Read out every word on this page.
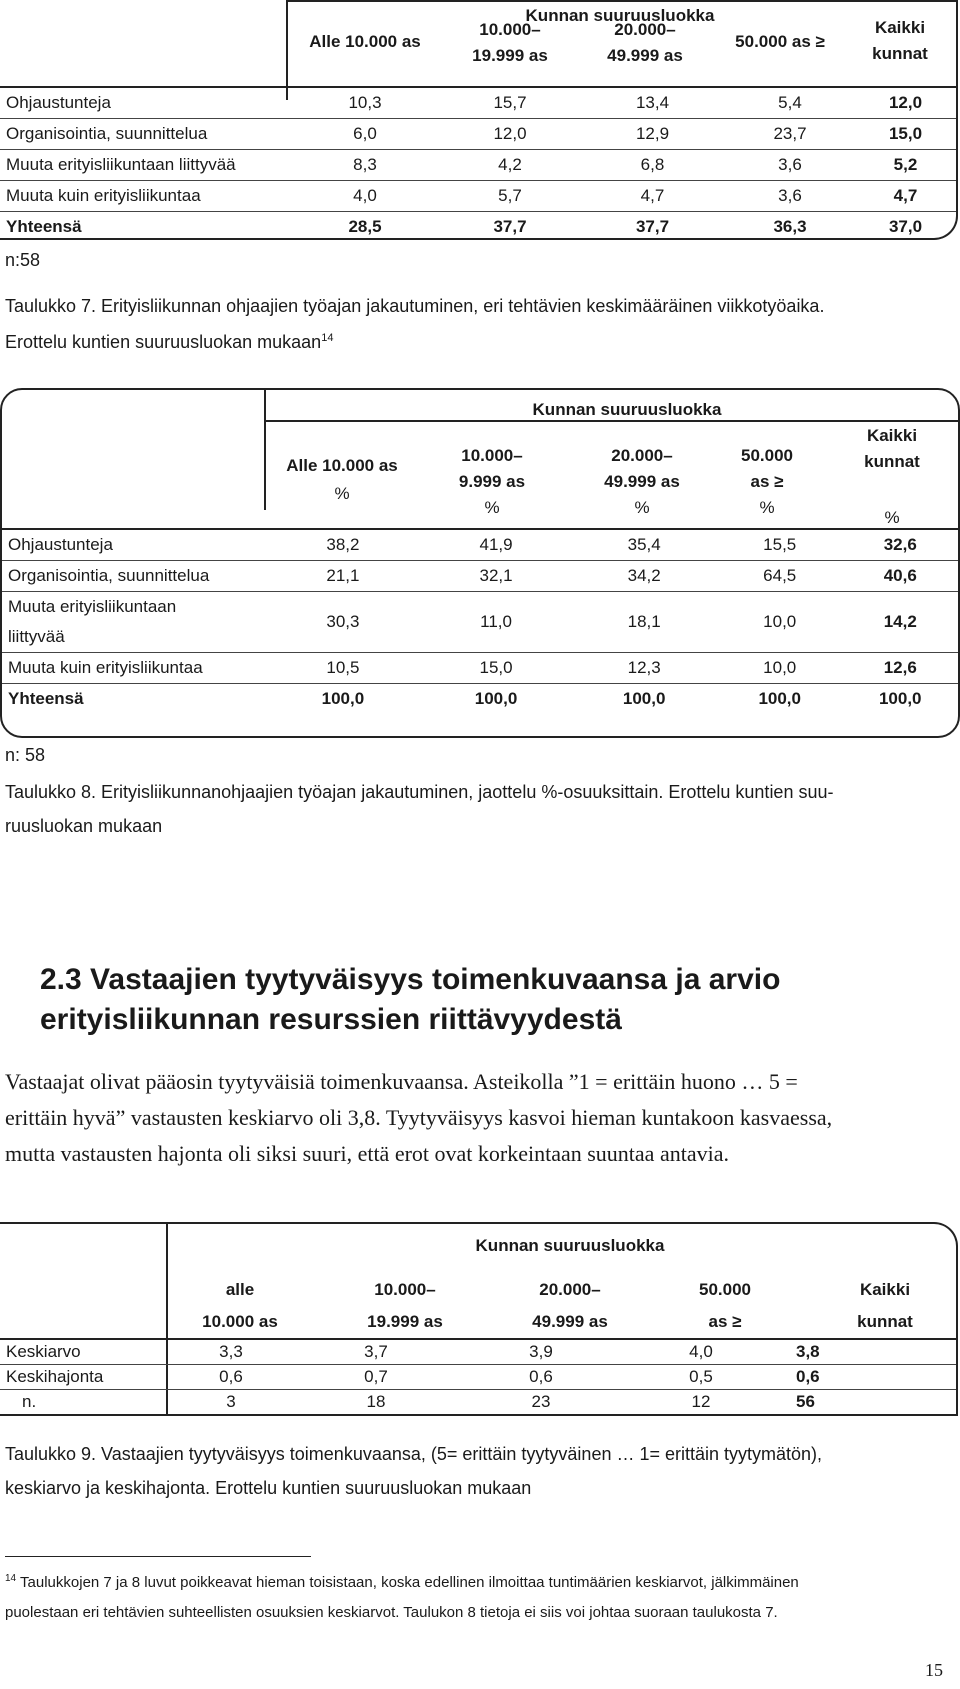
Kunnan suuruusluokka
Alle 10.000 as
10.000–
19.999 as
20.000–
49.999 as
50.000 as ≥
Kaikki
kunnat
Ohjaustunteja	10,3	15,7	13,4	5,4	12,0
Organisointia, suunnittelua	6,0	12,0	12,9	23,7	15,0
Muuta erityisliikuntaan liittyvää	8,3	4,2	6,8	3,6	5,2
Muuta kuin erityisliikuntaa	4,0	5,7	4,7	3,6	4,7
Yhteensä	28,5	37,7	37,7	36,3	37,0
n:58
Taulukko 7. Erityisliikunnan ohjaajien työajan jakautuminen, eri tehtävien keskimääräinen viikkotyöaika.
Erottelu kuntien suuruusluokan mukaan$^{14}$
Kunnan suuruusluokka
Alle 10.000 as
%
10.000–
9.999 as
%
20.000–
49.999 as
%
50.000
as ≥
%
Kaikki
kunnat
%
Ohjaustunteja	38,2	41,9	35,4	15,5	32,6
Organisointia, suunnittelua	21,1	32,1	34,2	64,5	40,6

Muuta erityisliikuntaan
liittyvää	30,3	11,0	18,1	10,0	14,2
Muuta kuin erityisliikuntaa	10,5	15,0	12,3	10,0	12,6
Yhteensä	100,0	100,0	100,0	100,0	100,0
n: 58
Taulukko 8. Erityisliikunnanohjaajien työajan jakautuminen, jaottelu %-osuuksittain. Erottelu kuntien suu-
ruusluokan mukaan
2.3 Vastaajien tyytyväisyys toimenkuvaansa ja arvio
erityisliikunnan resurssien riittävyydestä
Vastaajat olivat pääosin tyytyväisiä toimenkuvaansa. Asteikolla ”1 = erittäin huono … 5 =
erittäin hyvä” vastausten keskiarvo oli 3,8. Tyytyväisyys kasvoi hieman kuntakoon kasvaessa,
mutta vastausten hajonta oli siksi suuri, että erot ovat korkeintaan suuntaa antavia.
Kunnan suuruusluokka
alle
10.000 as
10.000–
19.999 as
20.000–
49.999 as
50.000
as ≥
Kaikki
kunnat
Keskiarvo	3,3	3,7	3,9	4,0	3,8
Keskihajonta	0,6	0,7	0,6	0,5	0,6
n.	3	18	23	12	56
Taulukko 9. Vastaajien tyytyväisyys toimenkuvaansa, (5= erittäin tyytyväinen … 1= erittäin tyytymätön),
keskiarvo ja keskihajonta. Erottelu kuntien suuruusluokan mukaan
$^{14}$ Taulukkojen 7 ja 8 luvut poikkeavat hieman toisistaan, koska edellinen ilmoittaa tuntimäärien keskiarvot, jälkimmäinen
puolestaan eri tehtävien suhteellisten osuuksien keskiarvot. Taulukon 8 tietoja ei siis voi johtaa suoraan taulukosta 7.
15
